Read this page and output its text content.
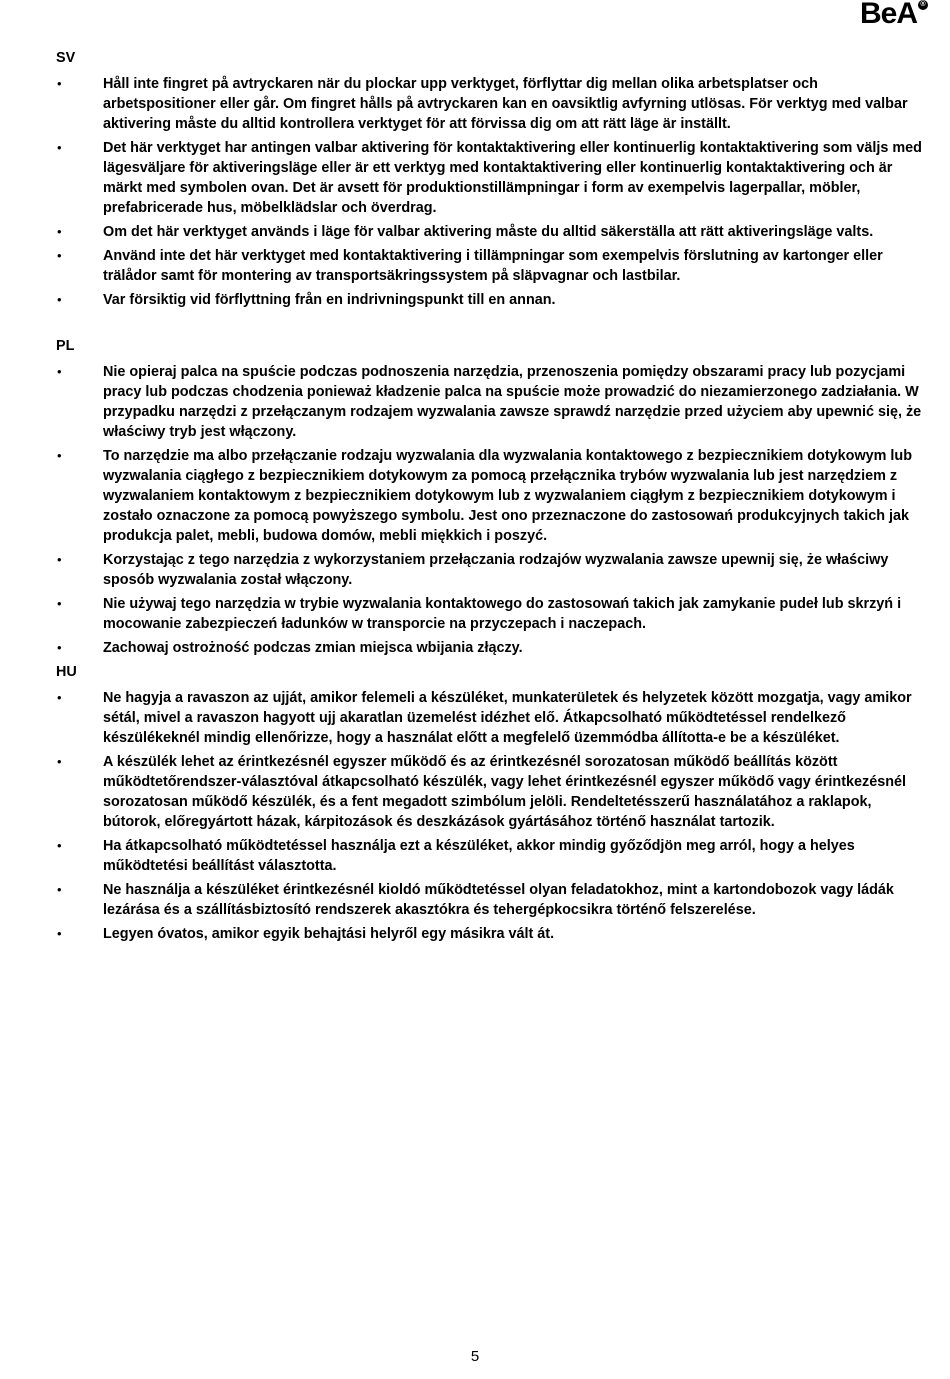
BeA ®
SV
• Håll inte fingret på avtryckaren när du plockar upp verktyget, förflyttar dig mellan olika arbetsplatser och arbetspositioner eller går. Om fingret hålls på avtryckaren kan en oavsiktlig avfyrning utlösas. För verktyg med valbar aktivering måste du alltid kontrollera verktyget för att förvissa dig om att rätt läge är inställt.
• Det här verktyget har antingen valbar aktivering för kontaktaktivering eller kontinuerlig kontaktaktivering som väljs med lägesväljare för aktiveringsläge eller är ett verktyg med kontaktaktivering eller kontinuerlig kontaktaktivering och är märkt med symbolen ovan. Det är avsett för produktionstillämpningar i form av exempelvis lagerpallar, möbler, prefabricerade hus, möbelklädslar och överdrag.
• Om det här verktyget används i läge för valbar aktivering måste du alltid säkerställa att rätt aktiveringsläge valts.
• Använd inte det här verktyget med kontaktaktivering i tillämpningar som exempelvis förslutning av kartonger eller trälådor samt för montering av transportsäkringssystem på släpvagnar och lastbilar.
• Var försiktig vid förflyttning från en indrivningspunkt till en annan.
PL
• Nie opieraj palca na spuście podczas podnoszenia narzędzia, przenoszenia pomiędzy obszarami pracy lub pozycjami pracy lub podczas chodzenia ponieważ kładzenie palca na spuście może prowadzić do niezamierzonego zadziałania. W przypadku narzędzi z przełączanym rodzajem wyzwalania zawsze sprawdź narzędzie przed użyciem aby upewnić się, że właściwy tryb jest włączony.
• To narzędzie ma albo przełączanie rodzaju wyzwalania dla wyzwalania kontaktowego z bezpiecznikiem dotykowym lub wyzwalania ciągłego z bezpiecznikiem dotykowym za pomocą przełącznika trybów wyzwalania lub jest narzędziem z wyzwalaniem kontaktowym z bezpiecznikiem dotykowym lub z wyzwalaniem ciągłym z bezpiecznikiem dotykowym i zostało oznaczone za pomocą powyższego symbolu. Jest ono przeznaczone do zastosowań produkcyjnych takich jak produkcja palet, mebli, budowa domów, mebli miękkich i poszyć.
• Korzystając z tego narzędzia z wykorzystaniem przełączania rodzajów wyzwalania zawsze upewnij się, że właściwy sposób wyzwalania został włączony.
• Nie używaj tego narzędzia w trybie wyzwalania kontaktowego do zastosowań takich jak zamykanie pudeł lub skrzyń i mocowanie zabezpieczeń ładunków w transporcie na przyczepach i naczepach.
• Zachowaj ostrożność podczas zmian miejsca wbijania złączy.
HU
• Ne hagyja a ravaszon az ujját, amikor felemeli a készüléket, munkaterületek és helyzetek között mozgatja, vagy amikor sétál, mivel a ravaszon hagyott ujj akaratlan üzemelést idézhet elő. Átkapcsolható működtetéssel rendelkező készülékeknél mindig ellenőrizze, hogy a használat előtt a megfelelő üzemmódba állította-e be a készüléket.
• A készülék lehet az érintkezésnél egyszer működő és az érintkezésnél sorozatosan működő beállítás között működtetőrendszer-választóval átkapcsolható készülék, vagy lehet érintkezésnél egyszer működő vagy érintkezésnél sorozatosan működő készülék, és a fent megadott szimbólum jelöli. Rendeltetésszerű használatához a raklapok, bútorok, előregyártott házak, kárpitozások és deszkázások gyártásához történő használat tartozik.
• Ha átkapcsolható működtetéssel használja ezt a készüléket, akkor mindig győződjön meg arról, hogy a helyes működtetési beállítást választotta.
• Ne használja a készüléket érintkezésnél kioldó működtetéssel olyan feladatokhoz, mint a kartondobozok vagy ládák lezárása és a szállításbiztosító rendszerek akasztókra és tehergépkocsikra történő felszerelése.
• Legyen óvatos, amikor egyik behajtási helyről egy másikra vált át.
5
